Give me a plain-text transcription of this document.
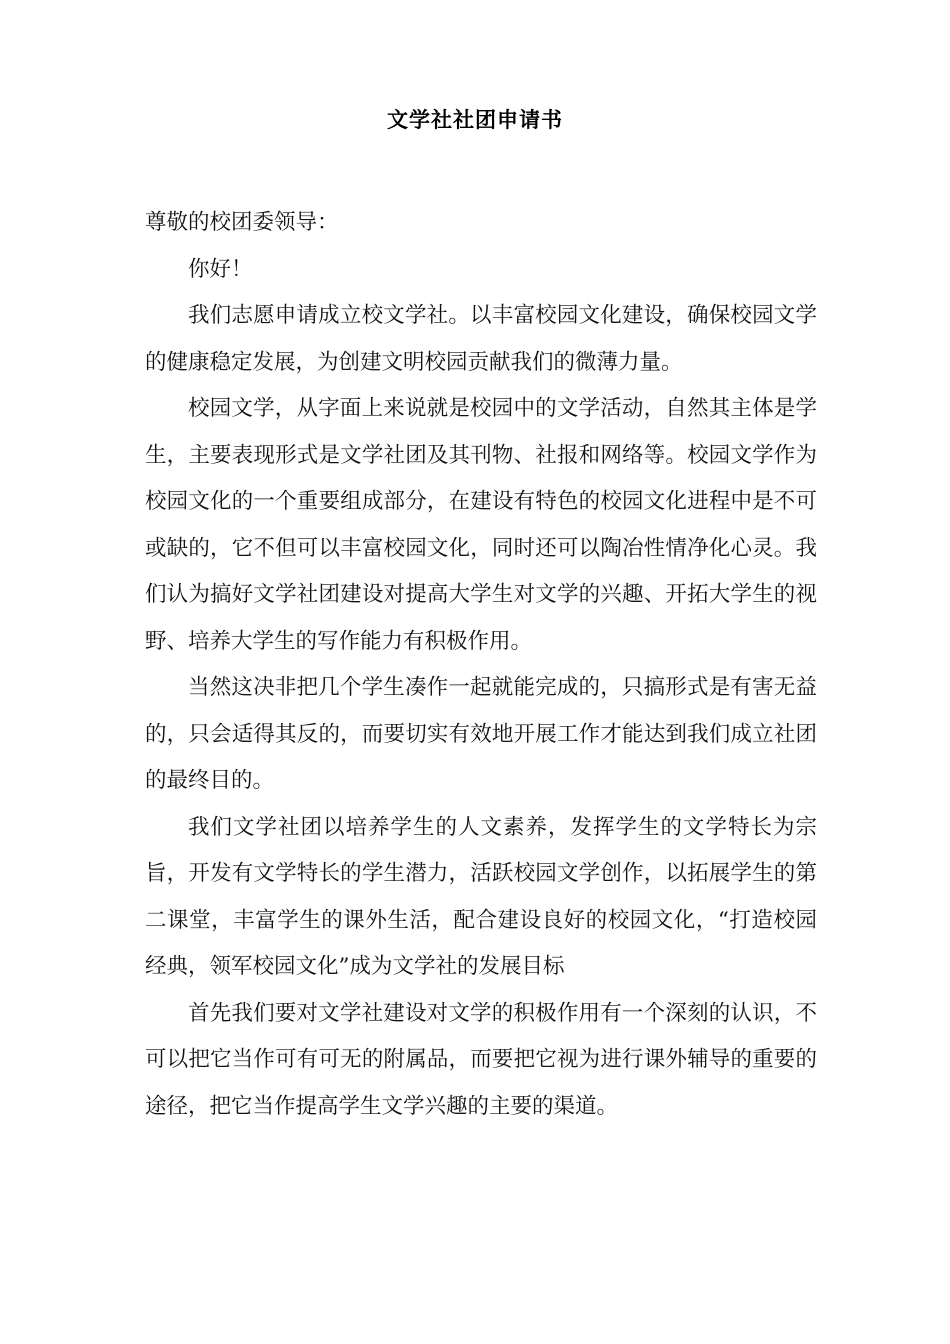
文学社社团申请书

尊敬的校团委领导：

你好！

我们志愿申请成立校文学社。以丰富校园文化建设，确保校园文学的健康稳定发展，为创建文明校园贡献我们的微薄力量。

校园文学，从字面上来说就是校园中的文学活动，自然其主体是学生，主要表现形式是文学社团及其刊物、社报和网络等。校园文学作为校园文化的一个重要组成部分，在建设有特色的校园文化进程中是不可或缺的，它不但可以丰富校园文化，同时还可以陶冶性情净化心灵。我们认为搞好文学社团建设对提高大学生对文学的兴趣、开拓大学生的视野、培养大学生的写作能力有积极作用。

当然这决非把几个学生凑作一起就能完成的，只搞形式是有害无益的，只会适得其反的，而要切实有效地开展工作才能达到我们成立社团的最终目的。

我们文学社团以培养学生的人文素养，发挥学生的文学特长为宗旨，开发有文学特长的学生潜力，活跃校园文学创作，以拓展学生的第二课堂，丰富学生的课外生活，配合建设良好的校园文化，“打造校园经典，领军校园文化”成为文学社的发展目标

首先我们要对文学社建设对文学的积极作用有一个深刻的认识，不可以把它当作可有可无的附属品，而要把它视为进行课外辅导的重要的途径，把它当作提高学生文学兴趣的主要的渠道。
